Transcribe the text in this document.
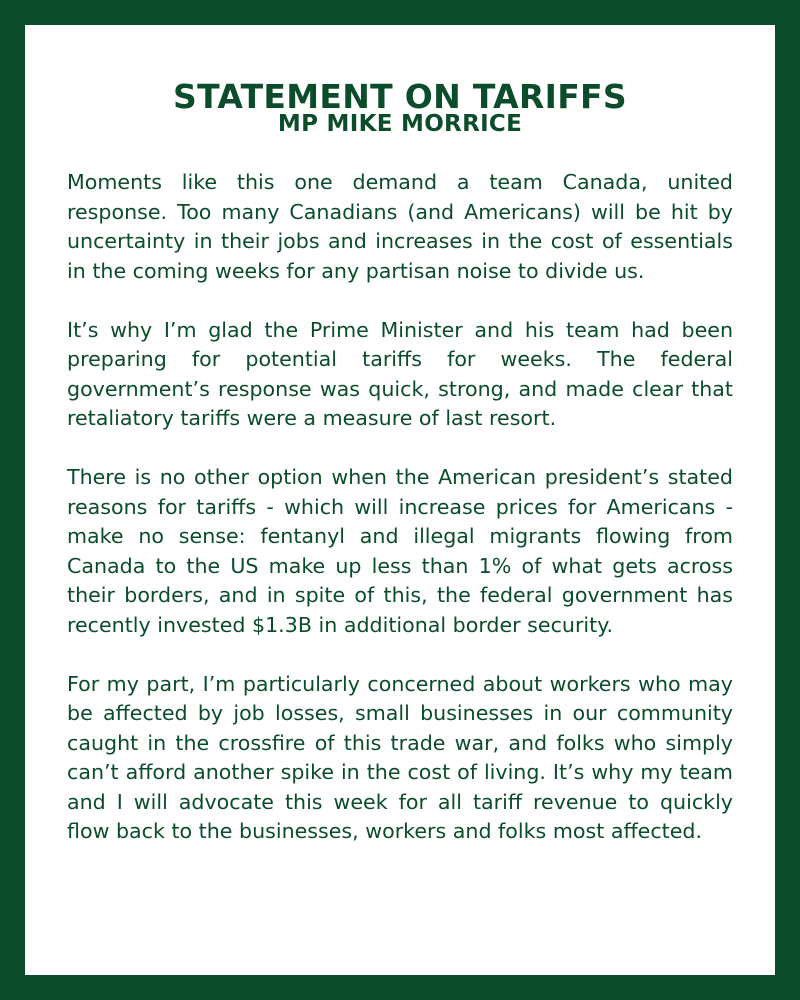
STATEMENT ON TARIFFS
MP MIKE MORRICE

Moments like this one demand a team Canada, united response. Too many Canadians (and Americans) will be hit by uncertainty in their jobs and increases in the cost of essentials in the coming weeks for any partisan noise to divide us.

It’s why I’m glad the Prime Minister and his team had been preparing for potential tariffs for weeks. The federal government’s response was quick, strong, and made clear that retaliatory tariffs were a measure of last resort.

There is no other option when the American president’s stated reasons for tariffs - which will increase prices for Americans - make no sense: fentanyl and illegal migrants flowing from Canada to the US make up less than 1% of what gets across their borders, and in spite of this, the federal government has recently invested $1.3B in additional border security.

For my part, I’m particularly concerned about workers who may be affected by job losses, small businesses in our community caught in the crossfire of this trade war, and folks who simply can’t afford another spike in the cost of living. It’s why my team and I will advocate this week for all tariff revenue to quickly flow back to the businesses, workers and folks most affected.
